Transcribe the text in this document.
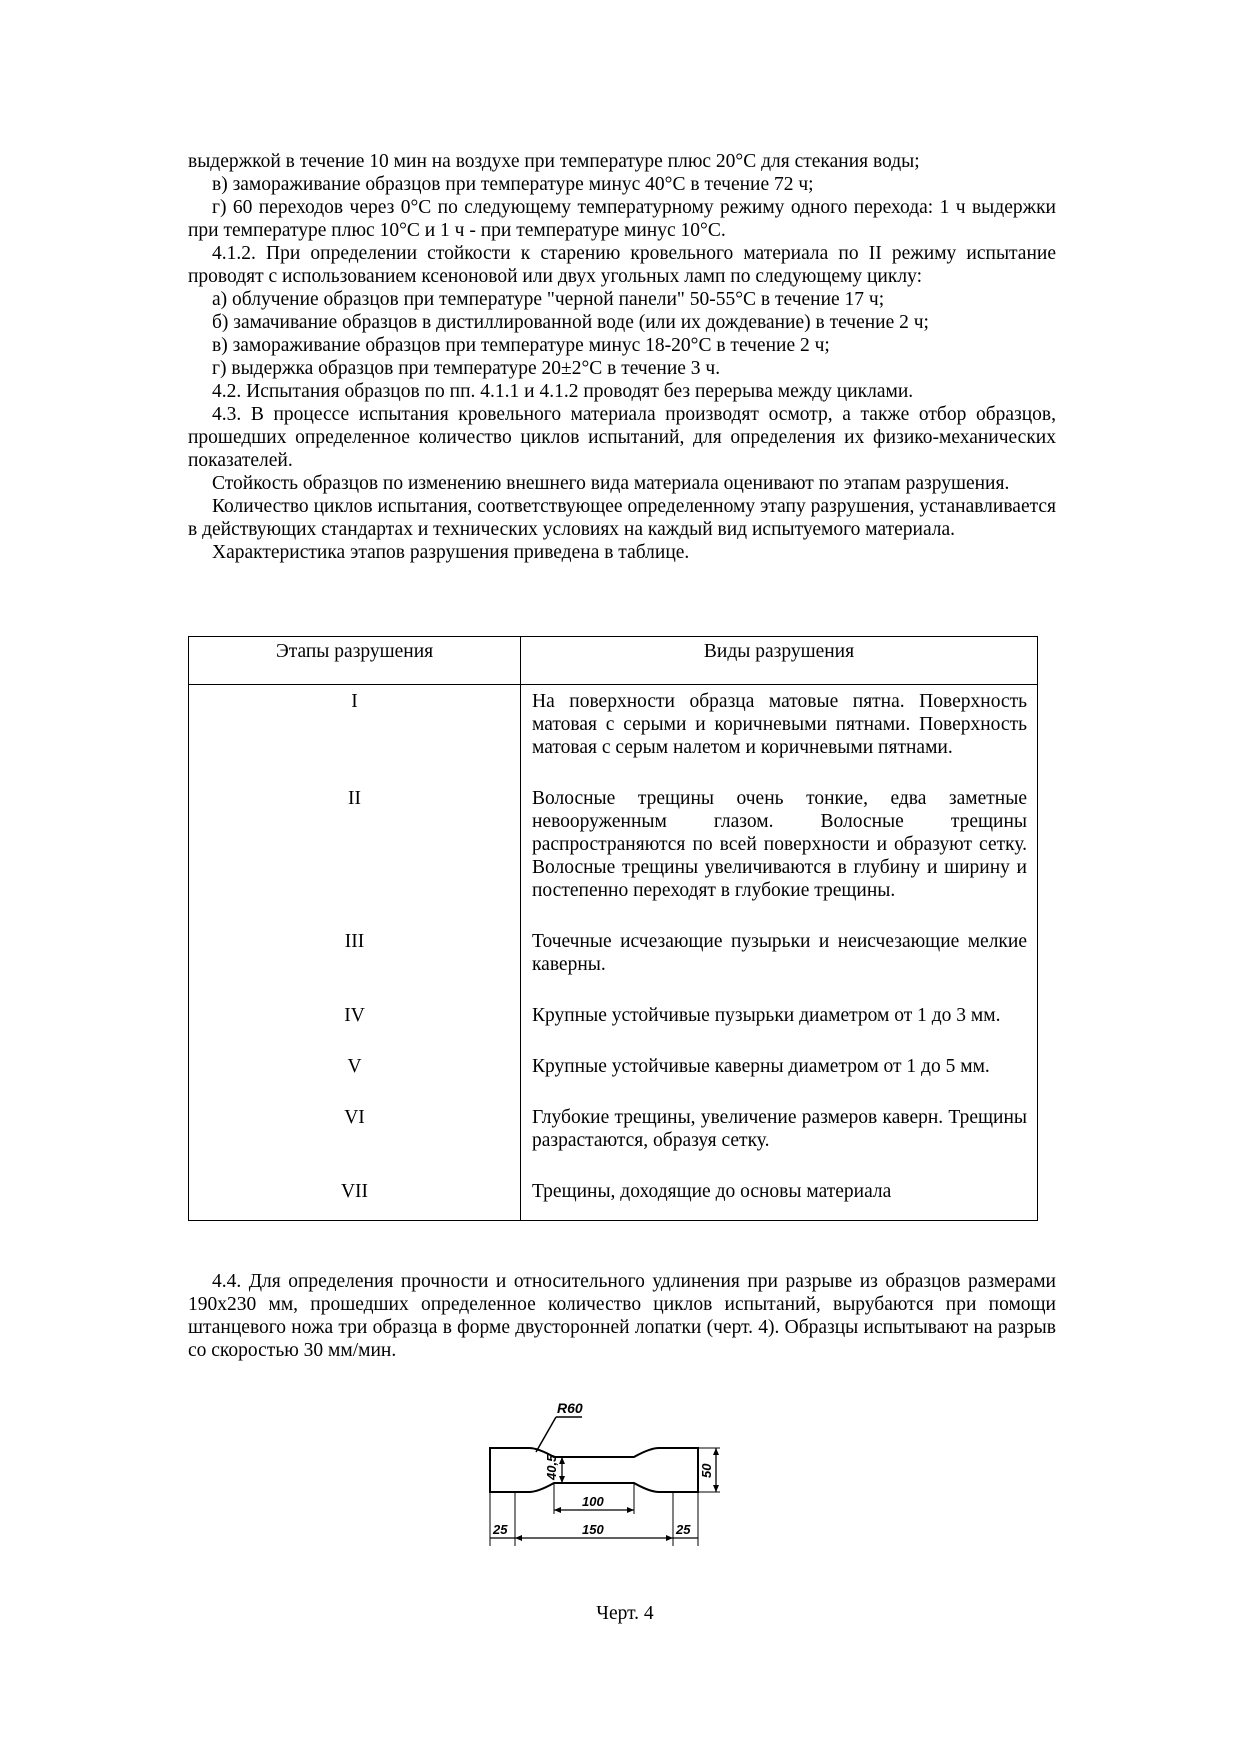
выдержкой в течение 10 мин на воздухе при температуре плюс 20°С для стекания воды;

в) замораживание образцов при температуре минус 40°С в течение 72 ч;

г) 60 переходов через 0°С по следующему температурному режиму одного перехода: 1 ч выдержки при температуре плюс 10°С и 1 ч - при температуре минус 10°С.

4.1.2. При определении стойкости к старению кровельного материала по II режиму испытание проводят с использованием ксеноновой или двух угольных ламп по следующему циклу:

а) облучение образцов при температуре "черной панели" 50-55°С в течение 17 ч;

б) замачивание образцов в дистиллированной воде (или их дождевание) в течение 2 ч;

в) замораживание образцов при температуре минус 18-20°С в течение 2 ч;

г) выдержка образцов при температуре 20±2°С в течение 3 ч.

4.2. Испытания образцов по пп. 4.1.1 и 4.1.2 проводят без перерыва между циклами.

4.3. В процессе испытания кровельного материала производят осмотр, а также отбор образцов, прошедших определенное количество циклов испытаний, для определения их физико-механических показателей.

Стойкость образцов по изменению внешнего вида материала оценивают по этапам разрушения.

Количество циклов испытания, соответствующее определенному этапу разрушения, устанавливается в действующих стандартах и технических условиях на каждый вид испытуемого материала.

Характеристика этапов разрушения приведена в таблице.

Этапы разрушения	Виды разрушения
I	На поверхности образца матовые пятна. Поверхность матовая с серыми и коричневыми пятнами. Поверхность матовая с серым налетом и коричневыми пятнами.
II	Волосные трещины очень тонкие, едва заметные невооруженным глазом. Волосные трещины распространяются по всей поверхности и образуют сетку. Волосные трещины увеличиваются в глубину и ширину и постепенно переходят в глубокие трещины.
III	Точечные исчезающие пузырьки и неисчезающие мелкие каверны.
IV	Крупные устойчивые пузырьки диаметром от 1 до 3 мм.
V	Крупные устойчивые каверны диаметром от 1 до 5 мм.
VI	Глубокие трещины, увеличение размеров каверн. Трещины разрастаются, образуя сетку.
VII	Трещины, доходящие до основы материала

4.4. Для определения прочности и относительного удлинения при разрыве из образцов размерами 190х230 мм, прошедших определенное количество циклов испытаний, вырубаются при помощи штанцевого ножа три образца в форме двусторонней лопатки (черт. 4). Образцы испытывают на разрыв со скоростью 30 мм/мин.

R60
40,5	50
100
150
25	25
Черт. 4
